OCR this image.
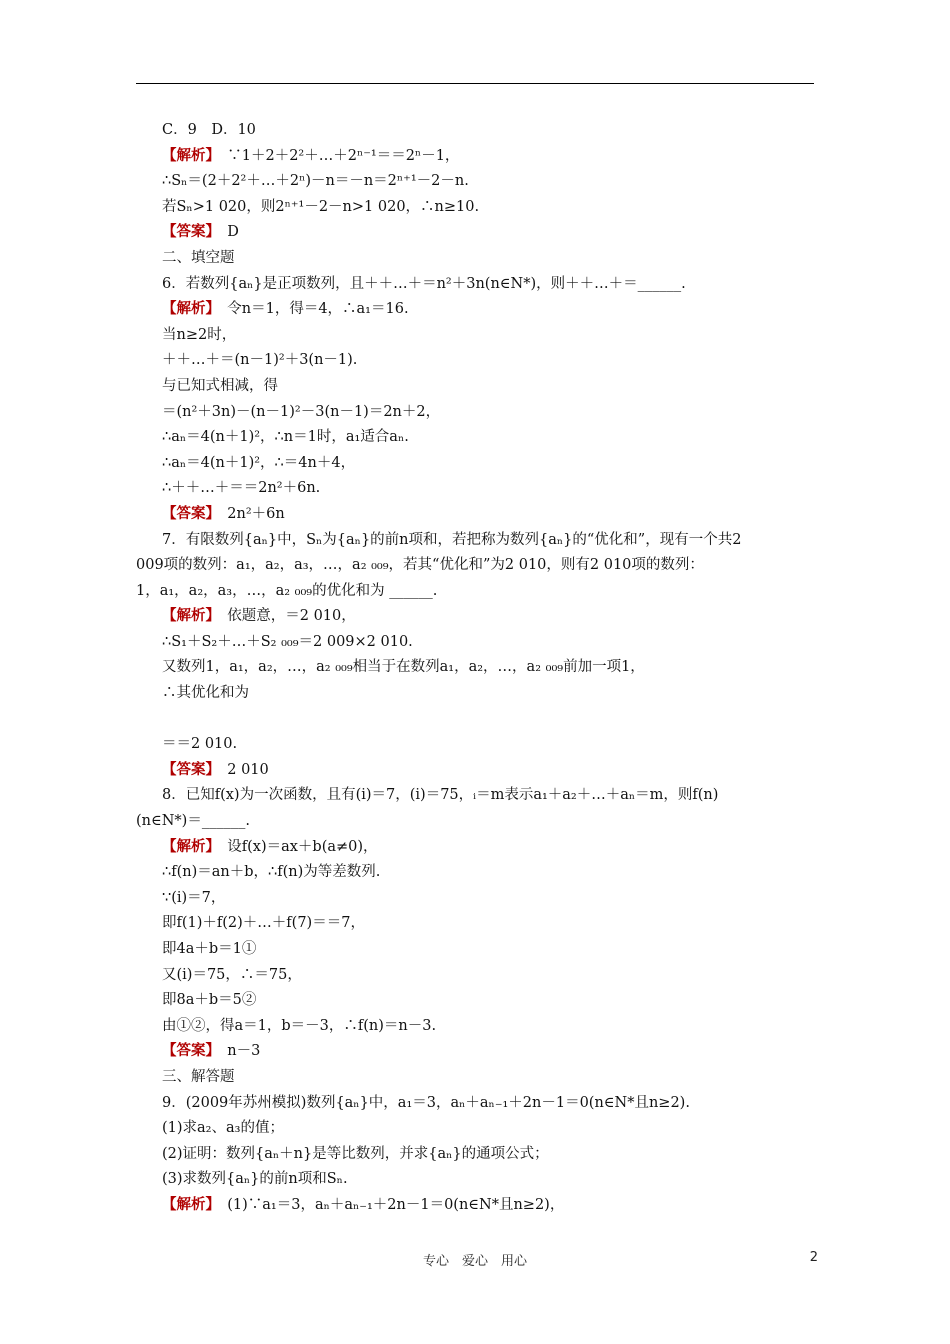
C．9　D．10
【解析】　∵1＋2＋2²＋…＋2ⁿ⁻¹＝＝2ⁿ－1，
∴Sₙ＝(2＋2²＋…＋2ⁿ)－n＝－n＝2ⁿ⁺¹－2－n.
若Sₙ>1 020，则2ⁿ⁺¹－2－n>1 020，∴n≥10.
【答案】　D
二、填空题
6．若数列{aₙ}是正项数列，且＋＋…＋＝n²＋3n(n∈N*)，则＋＋…＋＝______.
【解析】　令n＝1，得＝4，∴a₁＝16.
当n≥2时，
＋＋…＋＝(n－1)²＋3(n－1).
与已知式相减，得
＝(n²＋3n)－(n－1)²－3(n－1)＝2n＋2，
∴aₙ＝4(n＋1)²，∴n＝1时，a₁适合aₙ.
∴aₙ＝4(n＋1)²，∴＝4n＋4，
∴＋＋…＋＝＝2n²＋6n.
【答案】　2n²＋6n
7．有限数列{aₙ}中，Sₙ为{aₙ}的前n项和，若把称为数列{aₙ}的“优化和”，现有一个共2
009项的数列：a₁，a₂，a₃，…，a₂ ₀₀₉，若其“优化和”为2 010，则有2 010项的数列：
1，a₁，a₂，a₃，…，a₂ ₀₀₉的优化和为 ______.
【解析】　依题意，＝2 010，
∴S₁＋S₂＋…＋S₂ ₀₀₉＝2 009×2 010.
又数列1，a₁，a₂，…，a₂ ₀₀₉相当于在数列a₁，a₂，…，a₂ ₀₀₉前加一项1，
∴其优化和为
＝＝2 010.
【答案】　2 010
8．已知f(x)为一次函数，且有(i)＝7，(i)＝75，ᵢ＝m表示a₁＋a₂＋…＋aₙ＝m，则f(n)
(n∈N*)＝______.
【解析】　设f(x)＝ax＋b(a≠0)，
∴f(n)＝an＋b，∴f(n)为等差数列.
∵(i)＝7，
即f(1)＋f(2)＋…＋f(7)＝＝7，
即4a＋b＝1①
又(i)＝75，∴＝75，
即8a＋b＝5②
由①②，得a＝1，b＝－3，∴f(n)＝n－3.
【答案】　n－3
三、解答题
9．(2009年苏州模拟)数列{aₙ}中，a₁＝3，aₙ＋aₙ₋₁＋2n－1＝0(n∈N*且n≥2).
(1)求a₂、a₃的值；
(2)证明：数列{aₙ＋n}是等比数列，并求{aₙ}的通项公式；
(3)求数列{aₙ}的前n项和Sₙ.
【解析】　(1)∵a₁＝3，aₙ＋aₙ₋₁＋2n－1＝0(n∈N*且n≥2)，
专心　爱心　用心	2
